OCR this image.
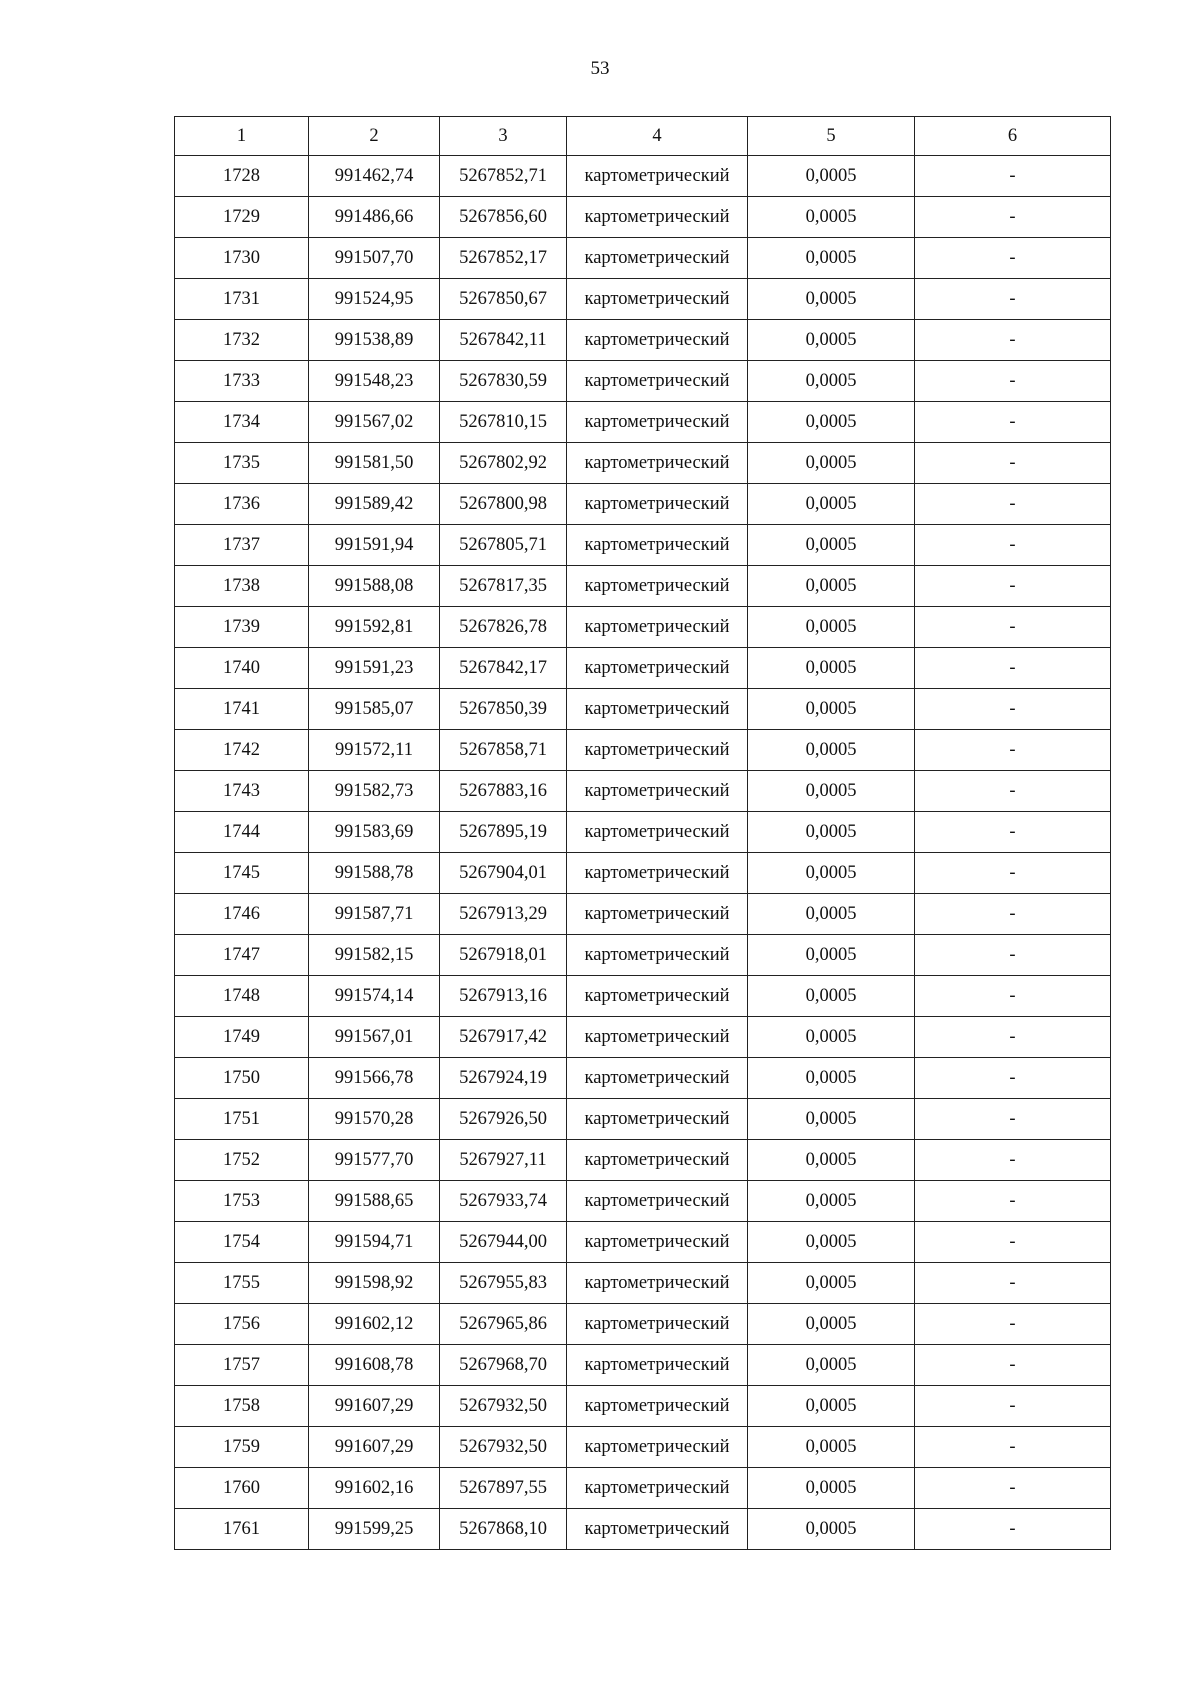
53
1	2	3	4	5	6
1728	991462,74	5267852,71	картометрический	0,0005	-
1729	991486,66	5267856,60	картометрический	0,0005	-
1730	991507,70	5267852,17	картометрический	0,0005	-
1731	991524,95	5267850,67	картометрический	0,0005	-
1732	991538,89	5267842,11	картометрический	0,0005	-
1733	991548,23	5267830,59	картометрический	0,0005	-
1734	991567,02	5267810,15	картометрический	0,0005	-
1735	991581,50	5267802,92	картометрический	0,0005	-
1736	991589,42	5267800,98	картометрический	0,0005	-
1737	991591,94	5267805,71	картометрический	0,0005	-
1738	991588,08	5267817,35	картометрический	0,0005	-
1739	991592,81	5267826,78	картометрический	0,0005	-
1740	991591,23	5267842,17	картометрический	0,0005	-
1741	991585,07	5267850,39	картометрический	0,0005	-
1742	991572,11	5267858,71	картометрический	0,0005	-
1743	991582,73	5267883,16	картометрический	0,0005	-
1744	991583,69	5267895,19	картометрический	0,0005	-
1745	991588,78	5267904,01	картометрический	0,0005	-
1746	991587,71	5267913,29	картометрический	0,0005	-
1747	991582,15	5267918,01	картометрический	0,0005	-
1748	991574,14	5267913,16	картометрический	0,0005	-
1749	991567,01	5267917,42	картометрический	0,0005	-
1750	991566,78	5267924,19	картометрический	0,0005	-
1751	991570,28	5267926,50	картометрический	0,0005	-
1752	991577,70	5267927,11	картометрический	0,0005	-
1753	991588,65	5267933,74	картометрический	0,0005	-
1754	991594,71	5267944,00	картометрический	0,0005	-
1755	991598,92	5267955,83	картометрический	0,0005	-
1756	991602,12	5267965,86	картометрический	0,0005	-
1757	991608,78	5267968,70	картометрический	0,0005	-
1758	991607,29	5267932,50	картометрический	0,0005	-
1759	991607,29	5267932,50	картометрический	0,0005	-
1760	991602,16	5267897,55	картометрический	0,0005	-
1761	991599,25	5267868,10	картометрический	0,0005	-
